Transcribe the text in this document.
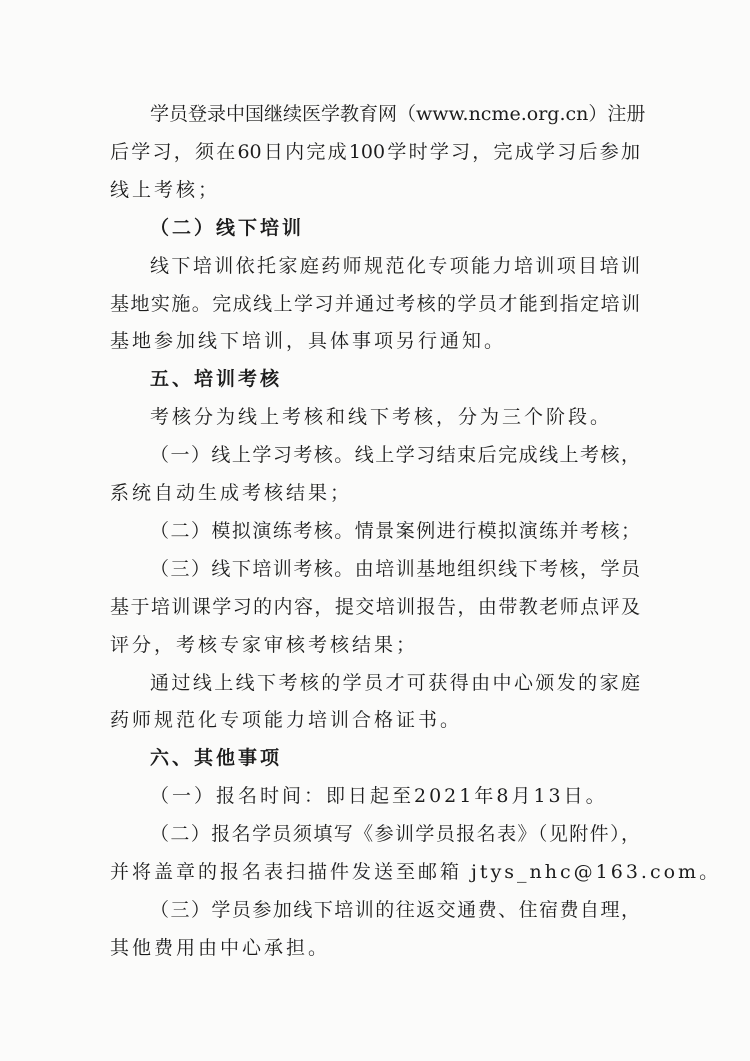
学员登录中国继续医学教育网（www.ncme.org.cn）注册
后学习，须在60日内完成100学时学习，完成学习后参加
线上考核；
（二）线下培训
线下培训依托家庭药师规范化专项能力培训项目培训
基地实施。完成线上学习并通过考核的学员才能到指定培训
基地参加线下培训，具体事项另行通知。
五、培训考核
考核分为线上考核和线下考核，分为三个阶段。
（一）线上学习考核。线上学习结束后完成线上考核，
系统自动生成考核结果；
（二）模拟演练考核。情景案例进行模拟演练并考核；
（三）线下培训考核。由培训基地组织线下考核，学员
基于培训课学习的内容，提交培训报告，由带教老师点评及
评分，考核专家审核考核结果；
通过线上线下考核的学员才可获得由中心颁发的家庭
药师规范化专项能力培训合格证书。
六、其他事项
（一）报名时间：即日起至2021年8月13日。
（二）报名学员须填写《参训学员报名表》（见附件），
并将盖章的报名表扫描件发送至邮箱 jtys_nhc@163.com。
（三）学员参加线下培训的往返交通费、住宿费自理，
其他费用由中心承担。
